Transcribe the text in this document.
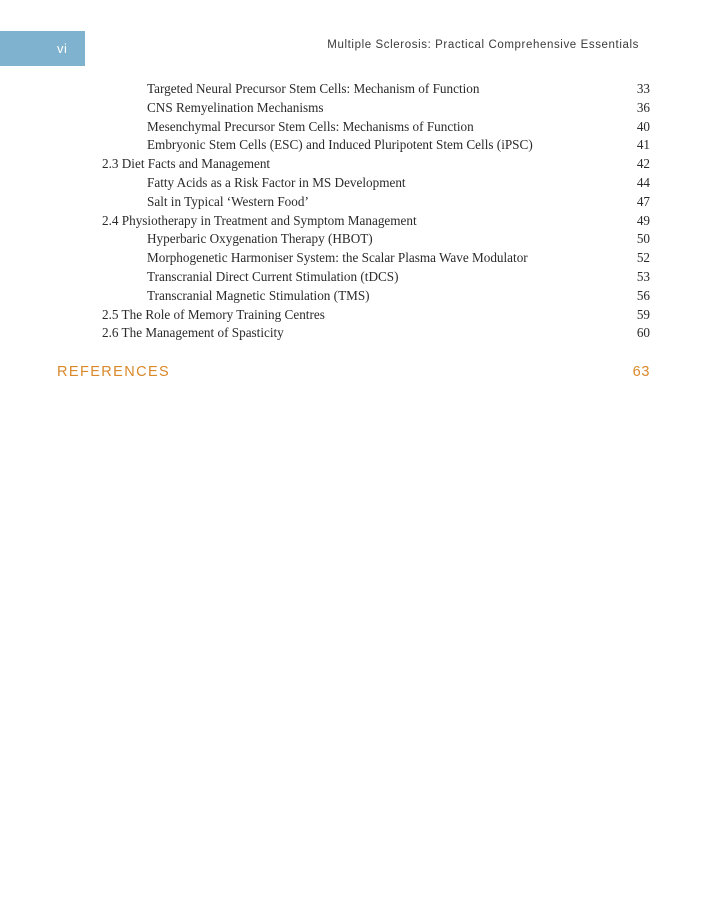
vi	Multiple Sclerosis: Practical Comprehensive Essentials
Targeted Neural Precursor Stem Cells: Mechanism of Function	33
CNS Remyelination Mechanisms	36
Mesenchymal Precursor Stem Cells: Mechanisms of Function	40
Embryonic Stem Cells (ESC) and Induced Pluripotent Stem Cells (iPSC)	41
2.3 Diet Facts and Management	42
Fatty Acids as a Risk Factor in MS Development	44
Salt in Typical ‘Western Food’	47
2.4 Physiotherapy in Treatment and Symptom Management	49
Hyperbaric Oxygenation Therapy (HBOT)	50
Morphogenetic Harmoniser System: the Scalar Plasma Wave Modulator	52
Transcranial Direct Current Stimulation (tDCS)	53
Transcranial Magnetic Stimulation (TMS)	56
2.5 The Role of Memory Training Centres	59
2.6 The Management of Spasticity	60
REFERENCES	63
